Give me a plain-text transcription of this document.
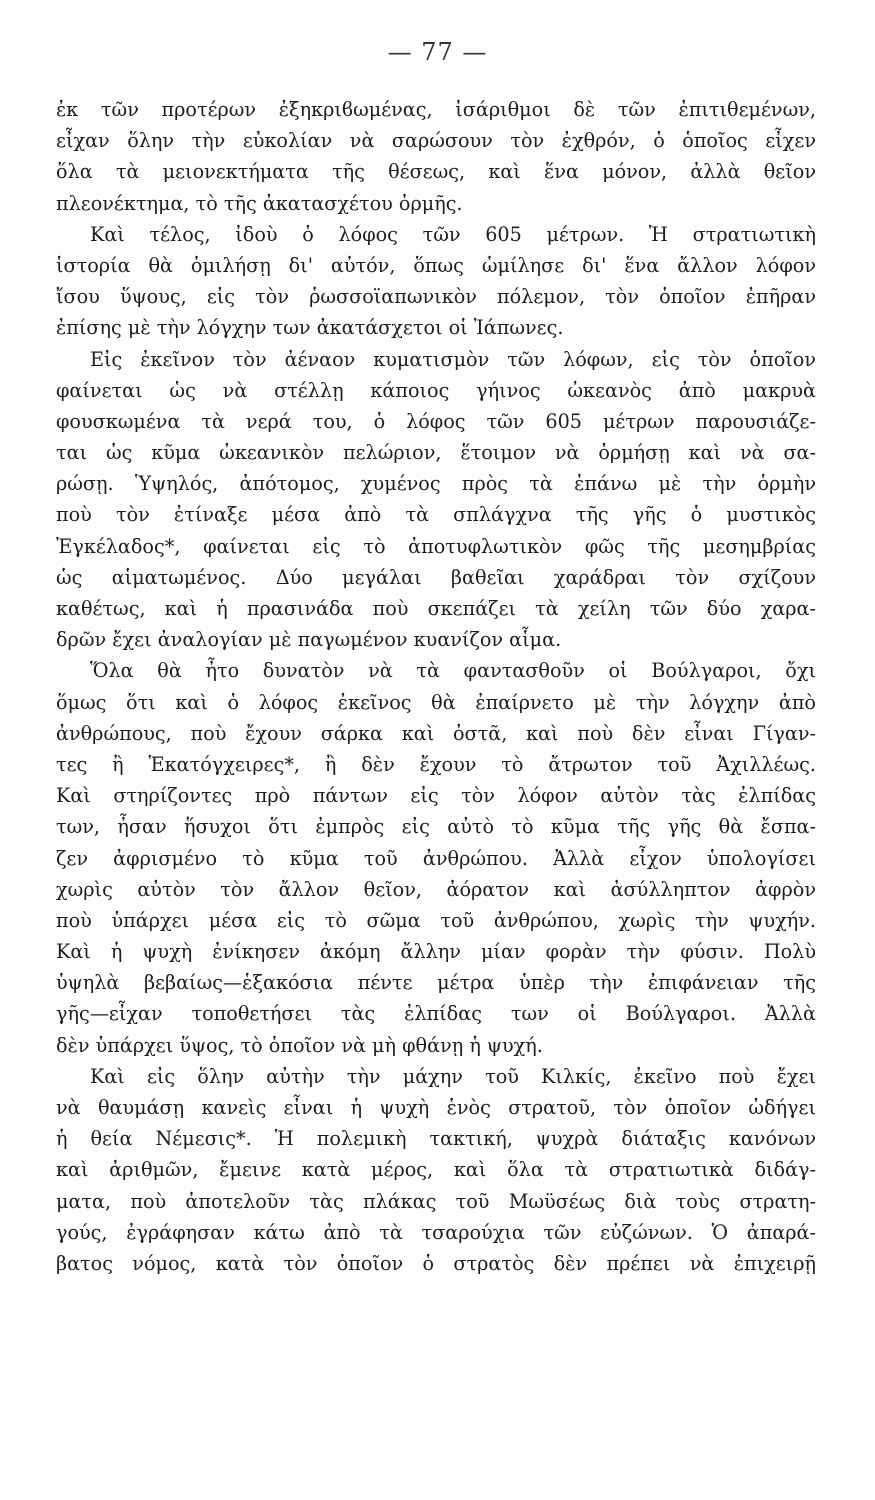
— 77 —
ἐκ τῶν προτέρων ἐξηκριϐωμένας, ἰσάριθμοι δὲ τῶν ἐπιτιθεμένων,
εἶχαν ὅλην τὴν εὐκολίαν νὰ σαρώσουν τὸν ἐχθρόν, ὁ ὁποῖος εἶχεν
ὅλα τὰ μειονεκτήματα τῆς θέσεως, καὶ ἕνα μόνον, ἀλλὰ θεῖον
πλεονέκτημα, τὸ τῆς ἀκατασχέτου ὁρμῆς.
Καὶ τέλος, ἰδοὺ ὁ λόφος τῶν 605 μέτρων. Ἡ στρατιωτικὴ
ἱστορία θὰ ὁμιλήσῃ δι' αὐτόν, ὅπως ὡμίλησε δι' ἕνα ἄλλον λόφον
ἴσου ὕψους, εἰς τὸν ῥωσσοϊαπωνικὸν πόλεμον, τὸν ὁποῖον ἐπῆραν
ἐπίσης μὲ τὴν λόγχην των ἀκατάσχετοι οἱ Ἰάπωνες.
Εἰς ἐκεῖνον τὸν ἀέναον κυματισμὸν τῶν λόφων, εἰς τὸν ὁποῖον
φαίνεται ὡς νὰ στέλλῃ κάποιος γήινος ὠκεανὸς ἀπὸ μακρυὰ
φουσκωμένα τὰ νερά του, ὁ λόφος τῶν 605 μέτρων παρουσιάζε-
ται ὡς κῦμα ὠκεανικὸν πελώριον, ἕτοιμον νὰ ὁρμήσῃ καὶ νὰ σα-
ρώσῃ. Ὑψηλός, ἀπότομος, χυμένος πρὸς τὰ ἐπάνω μὲ τὴν ὁρμὴν
ποὺ τὸν ἐτίναξε μέσα ἀπὸ τὰ σπλάγχνα τῆς γῆς ὁ μυστικὸς
Ἐγκέλαδος*, φαίνεται εἰς τὸ ἀποτυφλωτικὸν φῶς τῆς μεσημβρίας
ὡς αἱματωμένος. Δύο μεγάλαι βαθεῖαι χαράδραι τὸν σχίζουν
καθέτως, καὶ ἡ πρασινάδα ποὺ σκεπάζει τὰ χείλη τῶν δύο χαρα-
δρῶν ἔχει ἀναλογίαν μὲ παγωμένον κυανίζον αἷμα.
Ὅλα θὰ ἦτο δυνατὸν νὰ τὰ φαντασθοῦν οἱ Βούλγαροι, ὄχι
ὅμως ὅτι καὶ ὁ λόφος ἐκεῖνος θὰ ἐπαίρνετο μὲ τὴν λόγχην ἀπὸ
ἀνθρώπους, ποὺ ἔχουν σάρκα καὶ ὀστᾶ, καὶ ποὺ δὲν εἶναι Γίγαν-
τες ἢ Ἑκατόγχειρες*, ἢ δὲν ἔχουν τὸ ἄτρωτον τοῦ Ἀχιλλέως.
Καὶ στηρίζοντες πρὸ πάντων εἰς τὸν λόφον αὐτὸν τὰς ἐλπίδας
των, ἦσαν ἥσυχοι ὅτι ἐμπρὸς εἰς αὐτὸ τὸ κῦμα τῆς γῆς θὰ ἔσπα-
ζεν ἀφρισμένο τὸ κῦμα τοῦ ἀνθρώπου. Ἀλλὰ εἶχον ὑπολογίσει
χωρὶς αὐτὸν τὸν ἄλλον θεῖον, ἀόρατον καὶ ἀσύλληπτον ἀφρὸν
ποὺ ὑπάρχει μέσα εἰς τὸ σῶμα τοῦ ἀνθρώπου, χωρὶς τὴν ψυχήν.
Καὶ ἡ ψυχὴ ἐνίκησεν ἀκόμη ἄλλην μίαν φορὰν τὴν φύσιν. Πολὺ
ὑψηλὰ βεβαίως—ἑξακόσια πέντε μέτρα ὑπὲρ τὴν ἐπιφάνειαν τῆς
γῆς—εἶχαν τοποθετήσει τὰς ἐλπίδας των οἱ Βούλγαροι. Ἀλλὰ
δὲν ὑπάρχει ὕψος, τὸ ὁποῖον νὰ μὴ φθάνῃ ἡ ψυχή.
Καὶ εἰς ὅλην αὐτὴν τὴν μάχην τοῦ Κιλκίς, ἐκεῖνο ποὺ ἔχει
νὰ θαυμάσῃ κανεὶς εἶναι ἡ ψυχὴ ἑνὸς στρατοῦ, τὸν ὁποῖον ὡδήγει
ἡ θεία Νέμεσις*. Ἡ πολεμικὴ τακτική, ψυχρὰ διάταξις κανόνων
καὶ ἀριθμῶν, ἔμεινε κατὰ μέρος, καὶ ὅλα τὰ στρατιωτικὰ διδάγ-
ματα, ποὺ ἀποτελοῦν τὰς πλάκας τοῦ Μωϋσέως διὰ τοὺς στρατη-
γούς, ἐγράφησαν κάτω ἀπὸ τὰ τσαρούχια τῶν εὐζώνων. Ὁ ἀπαρά-
βατος νόμος, κατὰ τὸν ὁποῖον ὁ στρατὸς δὲν πρέπει νὰ ἐπιχειρῇ
